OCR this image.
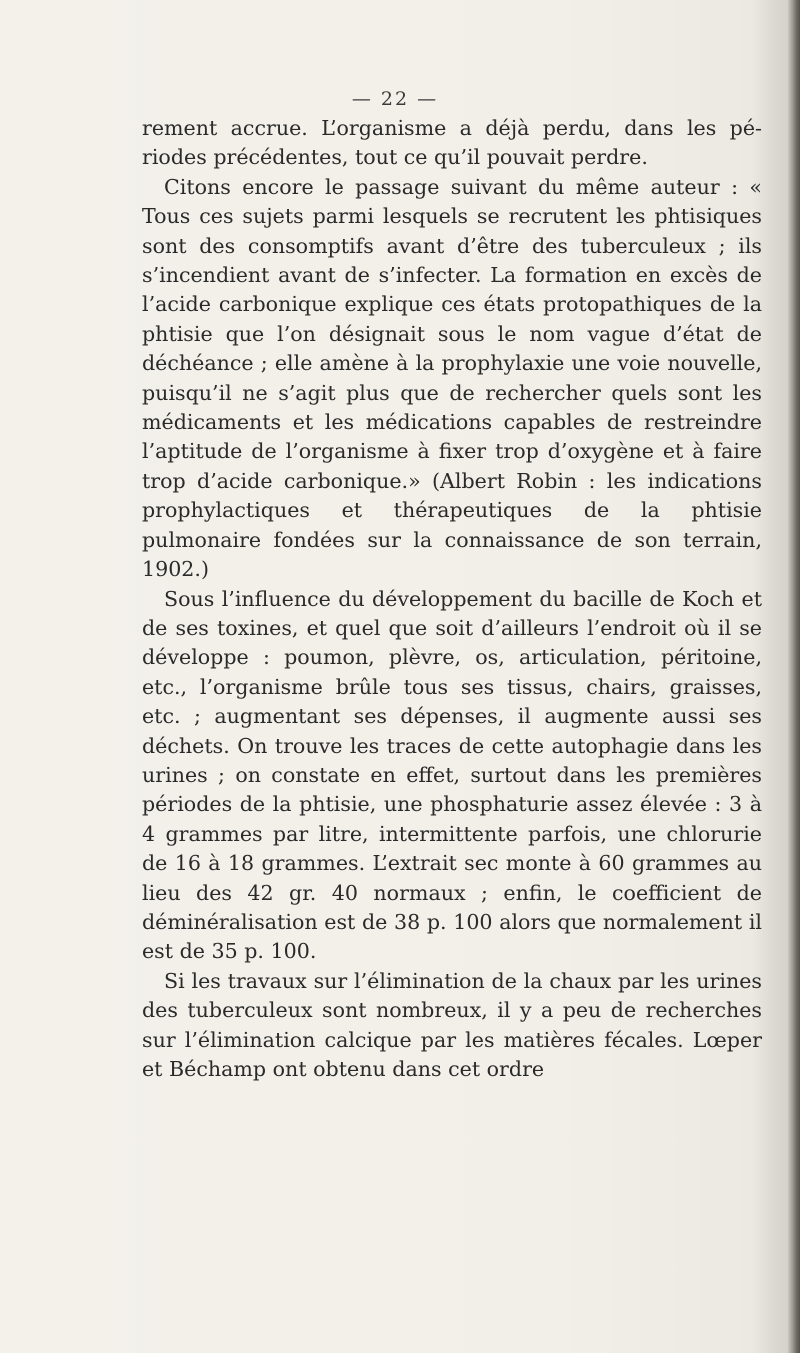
— 22 —

rement accrue. L’organisme a déjà perdu, dans les périodes précédentes, tout ce qu’il pouvait perdre.

Citons encore le passage suivant du même auteur : « Tous ces sujets parmi lesquels se recrutent les phtisiques sont des consomptifs avant d’être des tuberculeux ; ils s’incendient avant de s’infecter. La formation en excès de l’acide carbonique explique ces états protopathiques de la phtisie que l’on désignait sous le nom vague d’état de déchéance ; elle amène à la prophylaxie une voie nouvelle, puisqu’il ne s’agit plus que de rechercher quels sont les médicaments et les médications capables de restreindre l’aptitude de l’organisme à fixer trop d’oxygène et à faire trop d’acide carbonique.» (Albert Robin : les indications prophylactiques et thérapeutiques de la phtisie pulmonaire fondées sur la connaissance de son terrain, 1902.)

Sous l’influence du développement du bacille de Koch et de ses toxines, et quel que soit d’ailleurs l’endroit où il se développe : poumon, plèvre, os, articulation, péritoine, etc., l’organisme brûle tous ses tissus, chairs, graisses, etc. ; augmentant ses dépenses, il augmente aussi ses déchets. On trouve les traces de cette autophagie dans les urines ; on constate en effet, surtout dans les premières périodes de la phtisie, une phosphaturie assez élevée : 3 à 4 grammes par litre, intermittente parfois, une chlorurie de 16 à 18 grammes. L’extrait sec monte à 60 grammes au lieu des 42 gr. 40 normaux ; enfin, le coefficient de déminéralisation est de 38 p. 100 alors que normalement il est de 35 p. 100.

Si les travaux sur l’élimination de la chaux par les urines des tuberculeux sont nombreux, il y a peu de recherches sur l’élimination calcique par les matières fécales. Lœper et Béchamp ont obtenu dans cet ordre
